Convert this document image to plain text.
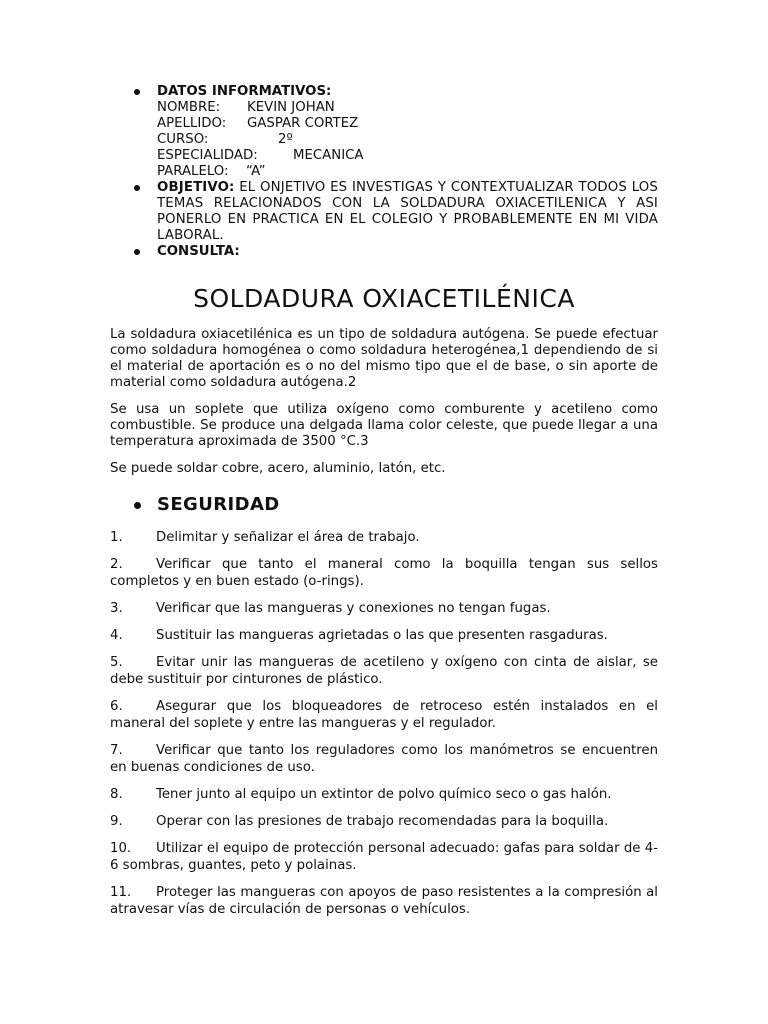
DATOS INFORMATIVOS:
NOMBRE:	KEVIN JOHAN
APELLIDO:	GASPAR CORTEZ
CURSO:	2º
ESPECIALIDAD:	MECANICA
PARALELO:	“A”
OBJETIVO: EL ONJETIVO ES INVESTIGAS Y CONTEXTUALIZAR TODOS LOS TEMAS RELACIONADOS CON LA SOLDADURA OXIACETILENICA Y ASI PONERLO EN PRACTICA EN EL COLEGIO Y PROBABLEMENTE EN MI VIDA LABORAL.
CONSULTA:
SOLDADURA OXIACETILÉNICA

La soldadura oxiacetilénica es un tipo de soldadura autógena. Se puede efectuar como soldadura homogénea o como soldadura heterogénea,1 dependiendo de si el material de aportación es o no del mismo tipo que el de base, o sin aporte de material como soldadura autógena.2

Se usa un soplete que utiliza oxígeno como comburente y acetileno como combustible. Se produce una delgada llama color celeste, que puede llegar a una temperatura aproximada de 3500 °C.3

Se puede soldar cobre, acero, aluminio, latón, etc.

SEGURIDAD
1.	Delimitar y señalizar el área de trabajo.
2.	Verificar que tanto el maneral como la boquilla tengan sus sellos completos y en buen estado (o-rings).
3.	Verificar que las mangueras y conexiones no tengan fugas.
4.	Sustituir las mangueras agrietadas o las que presenten rasgaduras.
5.	Evitar unir las mangueras de acetileno y oxígeno con cinta de aislar, se debe sustituir por cinturones de plástico.
6.	Asegurar que los bloqueadores de retroceso estén instalados en el maneral del soplete y entre las mangueras y el regulador.
7.	Verificar que tanto los reguladores como los manómetros se encuentren en buenas condiciones de uso.
8.	Tener junto al equipo un extintor de polvo químico seco o gas halón.
9.	Operar con las presiones de trabajo recomendadas para la boquilla.
10. Utilizar el equipo de protección personal adecuado: gafas para soldar de 4-6 sombras, guantes, peto y polainas.
11. Proteger las mangueras con apoyos de paso resistentes a la compresión al atravesar vías de circulación de personas o vehículos.
